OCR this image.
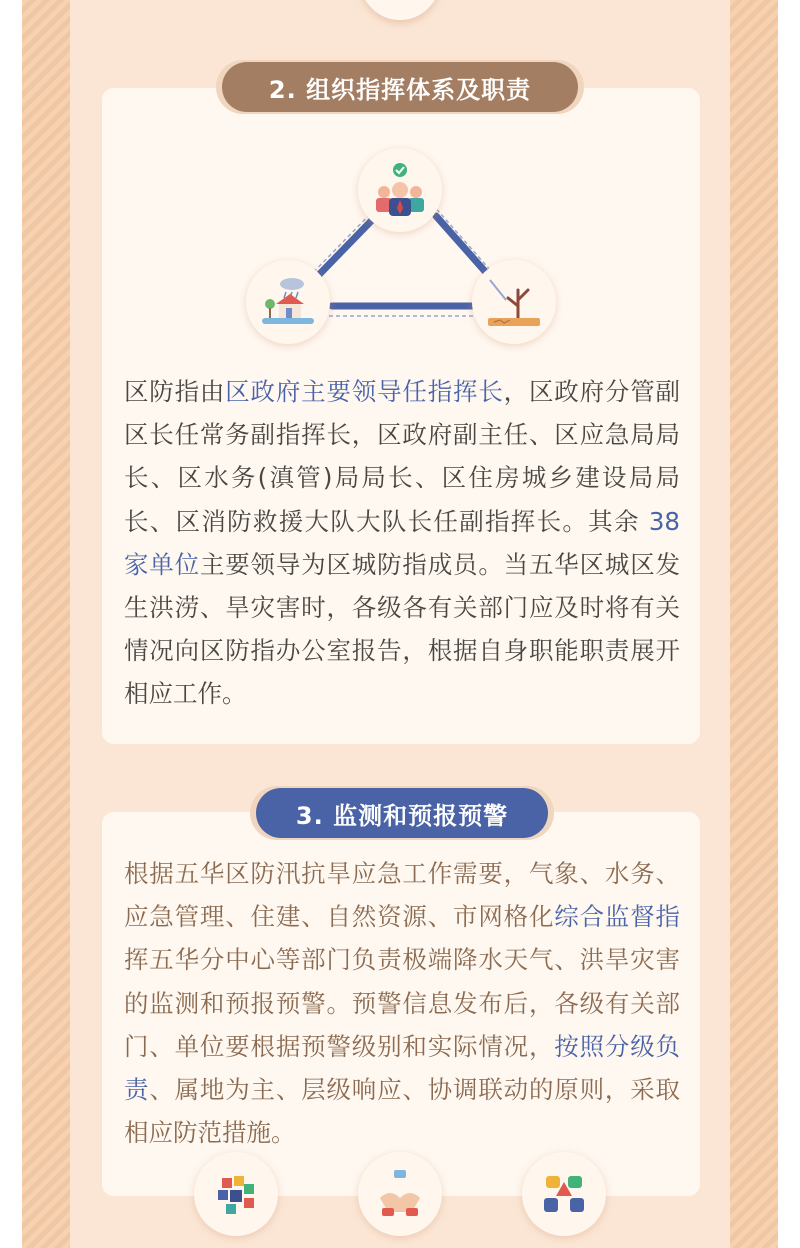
2. 组织指挥体系及职责

区防指由区政府主要领导任指挥长，区政府分管副区长任常务副指挥长，区政府副主任、区应急局局长、区水务(滇管)局局长、区住房城乡建设局局长、区消防救援大队大队长任副指挥长。其余 38 家单位主要领导为区城防指成员。当五华区城区发生洪涝、旱灾害时，各级各有关部门应及时将有关情况向区防指办公室报告，根据自身职能职责展开相应工作。

3. 监测和预报预警

根据五华区防汛抗旱应急工作需要，气象、水务、应急管理、住建、自然资源、市网格化综合监督指挥五华分中心等部门负责极端降水天气、洪旱灾害的监测和预报预警。预警信息发布后，各级有关部门、单位要根据预警级别和实际情况，按照分级负责、属地为主、层级响应、协调联动的原则，采取相应防范措施。
